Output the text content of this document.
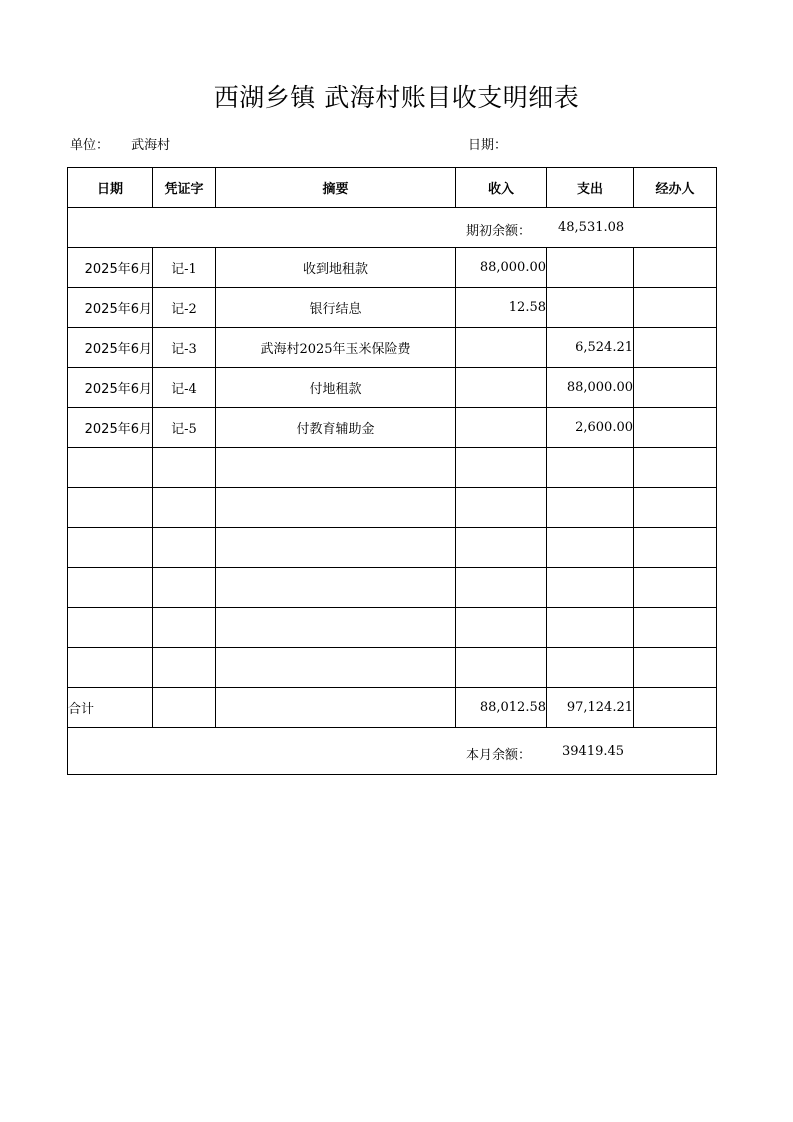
西湖乡镇 武海村账目收支明细表
单位： 武海村	日期：
日期	凭证字	摘要	收入	支出	经办人

期初余额： 48,531.08					

2025年6月	记-1	收到地租款	88,000.00		
2025年6月	记-2	银行结息	12.58		
2025年6月	记-3	武海村2025年玉米保险费		6,524.21	
2025年6月	记-4	付地租款		88,000.00	
2025年6月	记-5	付教育辅助金		2,600.00	

合计			88,012.58	97,124.21	

本月余额： 39419.45					
